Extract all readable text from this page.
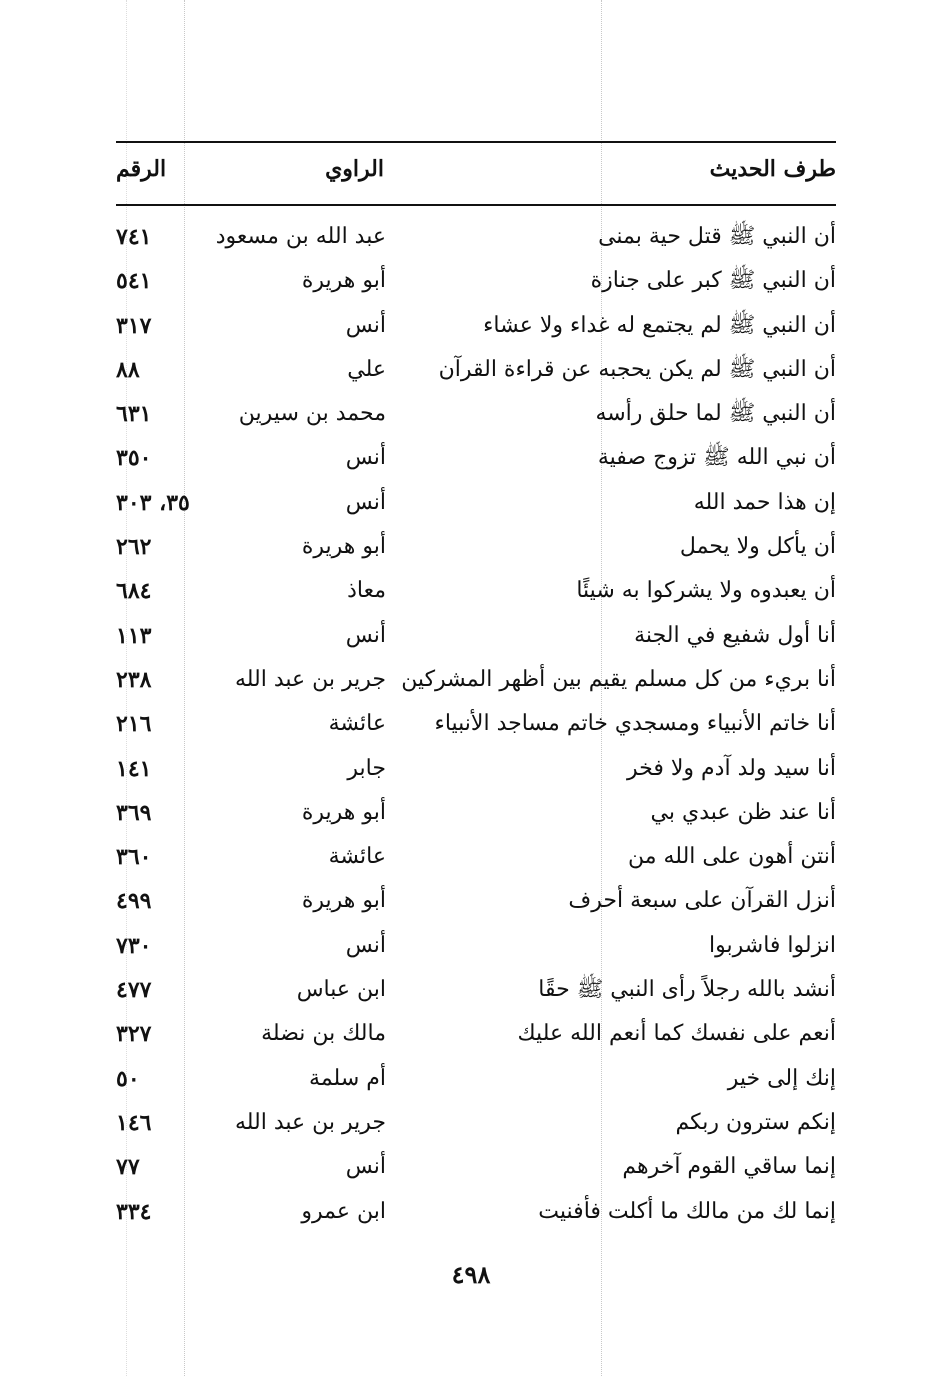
طرف الحديث
الراوي
الرقم
أن النبي ﷺ قتل حية بمنى
عبد الله بن مسعود
٧٤١
أن النبي ﷺ كبر على جنازة
أبو هريرة
٥٤١
أن النبي ﷺ لم يجتمع له غداء ولا عشاء
أنس
٣١٧
أن النبي ﷺ لم يكن يحجبه عن قراءة القرآن
علي
٨٨
أن النبي ﷺ لما حلق رأسه
محمد بن سيرين
٦٣١
أن نبي الله ﷺ تزوج صفية
أنس
٣٥٠
إن هذا حمد الله
أنس
٣٥، ٣٠٣
أن يأكل ولا يحمل
أبو هريرة
٢٦٢
أن يعبدوه ولا يشركوا به شيئًا
معاذ
٦٨٤
أنا أول شفيع في الجنة
أنس
١١٣
أنا بريء من كل مسلم يقيم بين أظهر المشركين
جرير بن عبد الله
٢٣٨
أنا خاتم الأنبياء ومسجدي خاتم مساجد الأنبياء
عائشة
٢١٦
أنا سيد ولد آدم ولا فخر
جابر
١٤١
أنا عند ظن عبدي بي
أبو هريرة
٣٦٩
أنتن أهون على الله من
عائشة
٣٦٠
أنزل القرآن على سبعة أحرف
أبو هريرة
٤٩٩
انزلوا فاشربوا
أنس
٧٣٠
أنشد بالله رجلاً رأى النبي ﷺ حقًا
ابن عباس
٤٧٧
أنعم على نفسك كما أنعم الله عليك
مالك بن نضلة
٣٢٧
إنك إلى خير
أم سلمة
٥٠
إنكم سترون ربكم
جرير بن عبد الله
١٤٦
إنما ساقي القوم آخرهم
أنس
٧٧
إنما لك من مالك ما أكلت فأفنيت
ابن عمرو
٣٣٤
٤٩٨
